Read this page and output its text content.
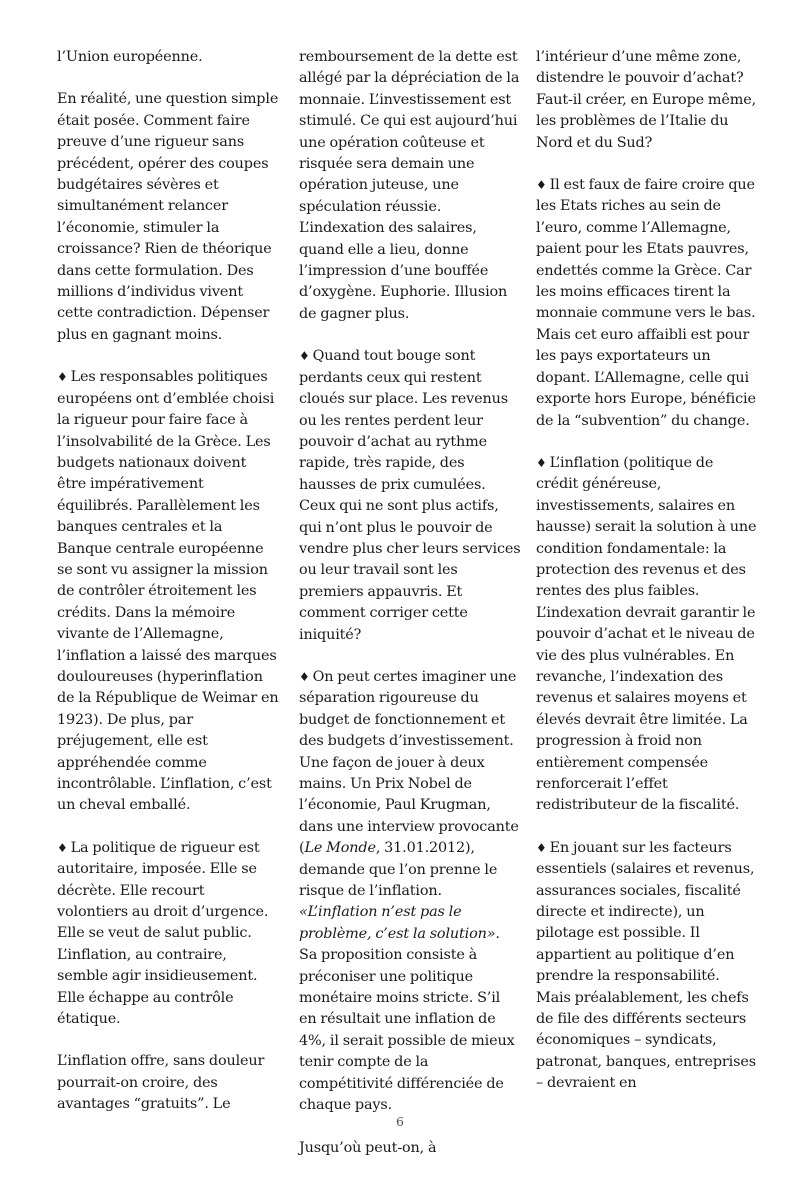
l’Union européenne.

En réalité, une question simple était posée. Comment faire preuve d’une rigueur sans précédent, opérer des coupes budgétaires sévères et simultanément relancer l’économie, stimuler la croissance? Rien de théorique dans cette formulation. Des millions d’individus vivent cette contradiction. Dépenser plus en gagnant moins.

♦ Les responsables politiques européens ont d’emblée choisi la rigueur pour faire face à l’insolvabilité de la Grèce. Les budgets nationaux doivent être impérativement équilibrés. Parallèlement les banques centrales et la Banque centrale européenne se sont vu assigner la mission de contrôler étroitement les crédits. Dans la mémoire vivante de l’Allemagne, l’inflation a laissé des marques douloureuses (hyperinflation de la République de Weimar en 1923). De plus, par préjugement, elle est appréhendée comme incontrôlable. L’inflation, c’est un cheval emballé.

♦ La politique de rigueur est autoritaire, imposée. Elle se décrète. Elle recourt volontiers au droit d’urgence. Elle se veut de salut public. L’inflation, au contraire, semble agir insidieusement. Elle échappe au contrôle étatique.

L’inflation offre, sans douleur pourrait-on croire, des avantages “gratuits”. Le

remboursement de la dette est allégé par la dépréciation de la monnaie. L’investissement est stimulé. Ce qui est aujourd’hui une opération coûteuse et risquée sera demain une opération juteuse, une spéculation réussie. L’indexation des salaires, quand elle a lieu, donne l’impression d’une bouffée d’oxygène. Euphorie. Illusion de gagner plus.

♦ Quand tout bouge sont perdants ceux qui restent cloués sur place. Les revenus ou les rentes perdent leur pouvoir d’achat au rythme rapide, très rapide, des hausses de prix cumulées. Ceux qui ne sont plus actifs, qui n’ont plus le pouvoir de vendre plus cher leurs services ou leur travail sont les premiers appauvris. Et comment corriger cette iniquité?

♦ On peut certes imaginer une séparation rigoureuse du budget de fonctionnement et des budgets d’investissement. Une façon de jouer à deux mains. Un Prix Nobel de l’économie, Paul Krugman, dans une interview provocante (Le Monde, 31.01.2012), demande que l’on prenne le risque de l’inflation. «L’inflation n’est pas le problème, c’est la solution». Sa proposition consiste à préconiser une politique monétaire moins stricte. S’il en résultait une inflation de 4%, il serait possible de mieux tenir compte de la compétitivité différenciée de chaque pays.

Jusqu’où peut-on, à

l’intérieur d’une même zone, distendre le pouvoir d’achat? Faut-il créer, en Europe même, les problèmes de l’Italie du Nord et du Sud?

♦ Il est faux de faire croire que les Etats riches au sein de l’euro, comme l’Allemagne, paient pour les Etats pauvres, endettés comme la Grèce. Car les moins efficaces tirent la monnaie commune vers le bas. Mais cet euro affaibli est pour les pays exportateurs un dopant. L’Allemagne, celle qui exporte hors Europe, bénéficie de la “subvention” du change.

♦ L’inflation (politique de crédit généreuse, investissements, salaires en hausse) serait la solution à une condition fondamentale: la protection des revenus et des rentes des plus faibles. L’indexation devrait garantir le pouvoir d’achat et le niveau de vie des plus vulnérables. En revanche, l’indexation des revenus et salaires moyens et élevés devrait être limitée. La progression à froid non entièrement compensée renforcerait l’effet redistributeur de la fiscalité.

♦ En jouant sur les facteurs essentiels (salaires et revenus, assurances sociales, fiscalité directe et indirecte), un pilotage est possible. Il appartient au politique d’en prendre la responsabilité. Mais préalablement, les chefs de file des différents secteurs économiques – syndicats, patronat, banques, entreprises – devraient en

6
